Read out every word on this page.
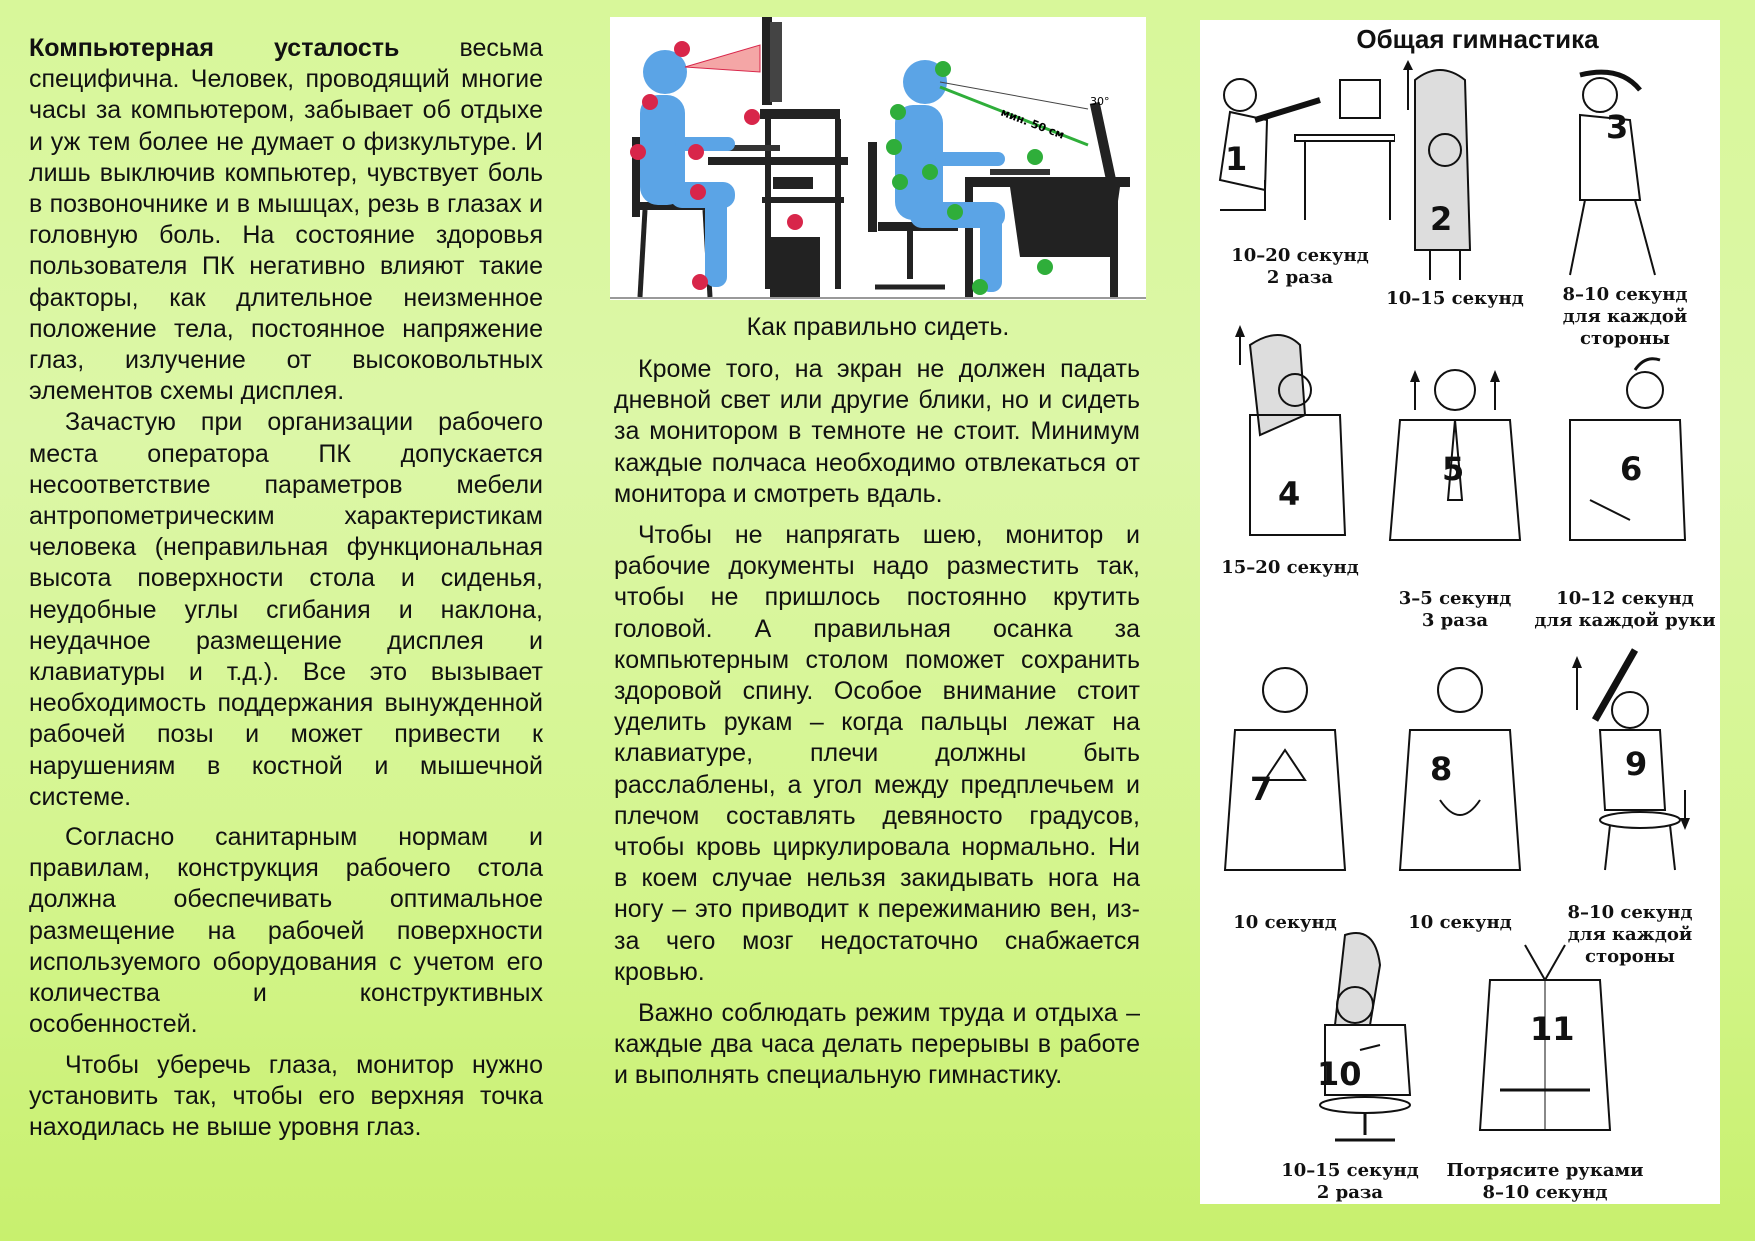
Компьютерная усталость весьма специфична. Человек, проводящий многие часы за компьютером, забывает об отдыхе и уж тем более не думает о физкультуре. И лишь выключив компьютер, чувствует боль в позвоночнике и в мышцах, резь в глазах и головную боль. На состояние здоровья пользователя ПК негативно влияют такие факторы, как длительное неизменное положение тела, постоянное напряжение глаз, излучение от высоковольтных элементов схемы дисплея.

Зачастую при организации рабочего места оператора ПК допускается несоответствие параметров мебели антропометрическим характеристикам человека (неправильная функциональная высота поверхности стола и сиденья, неудобные углы сгибания и наклона, неудачное размещение дисплея и клавиатуры и т.д.). Все это вызывает необходимость поддержания вынужденной рабочей позы и может привести к нарушениям в костной и мышечной системе.

Согласно санитарным нормам и правилам, конструкция рабочего стола должна обеспечивать оптимальное размещение на рабочей поверхности используемого оборудования с учетом его количества и конструктивных особенностей.

Чтобы уберечь глаза, монитор нужно установить так, чтобы его верхняя точка находилась не выше уровня глаз.

мин. 50 см
30°
Как правильно сидеть.

Кроме того, на экран не должен падать дневной свет или другие блики, но и сидеть за монитором в темноте не стоит. Минимум каждые полчаса необходимо отвлекаться от монитора и смотреть вдаль.

Чтобы не напрягать шею, монитор и рабочие документы надо разместить так, чтобы не пришлось постоянно крутить головой. А правильная осанка за компьютерным столом поможет сохранить здоровой спину. Особое внимание стоит уделить рукам – когда пальцы лежат на клавиатуре, плечи должны быть расслаблены, а угол между предплечьем и плечом составлять девяносто градусов, чтобы кровь циркулировала нормально. Ни в коем случае нельзя закидывать нога на ногу – это приводит к пережиманию вен, из-за чего мозг недостаточно снабжается кровью.

Важно соблюдать режим труда и отдыха – каждые два часа делать перерывы в работе и выполнять специальную гимнастику.

Общая гимнастика
1
10–20 секунд
2 раза
2
10–15 секунд
3
8–10 секунд
для каждой
стороны
4
15–20 секунд
5
3–5 секунд
3 раза
6
10–12 секунд
для каждой руки
7
10 секунд
8
10 секунд
9
8–10 секунд
для каждой
стороны
10
10–15 секунд
2 раза
11
Потрясите руками
8–10 секунд
